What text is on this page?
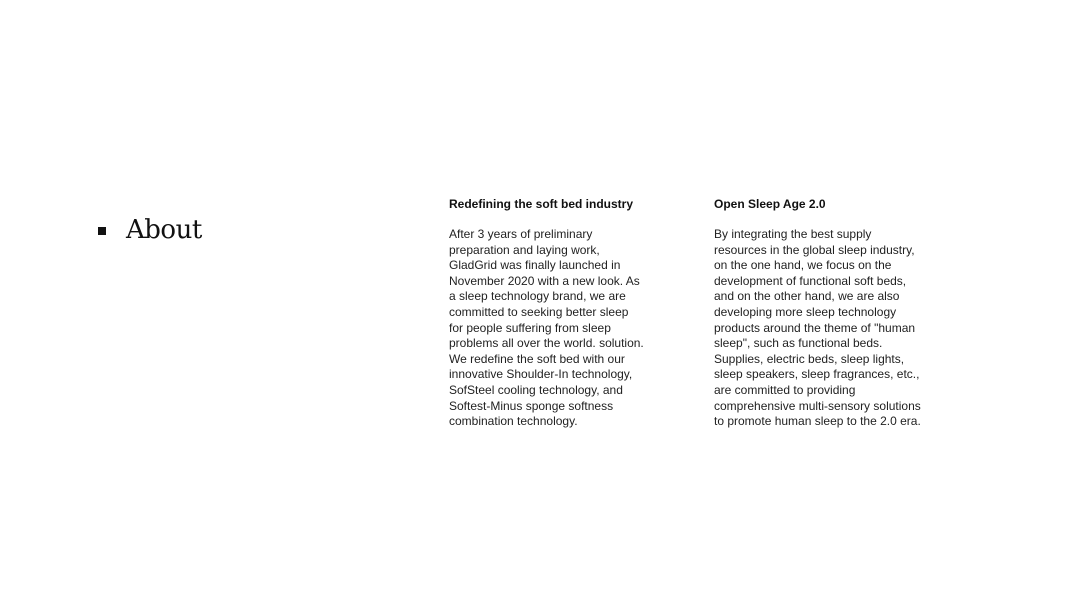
About
Redefining the soft bed industry

After 3 years of preliminary
preparation and laying work,
GladGrid was finally launched in
November 2020 with a new look. As
a sleep technology brand, we are
committed to seeking better sleep
for people suffering from sleep
problems all over the world. solution.
We redefine the soft bed with our
innovative Shoulder-In technology,
SofSteel cooling technology, and
Softest-Minus sponge softness
combination technology.

Open Sleep Age 2.0

By integrating the best supply
resources in the global sleep industry,
on the one hand, we focus on the
development of functional soft beds,
and on the other hand, we are also
developing more sleep technology
products around the theme of "human
sleep", such as functional beds.
Supplies, electric beds, sleep lights,
sleep speakers, sleep fragrances, etc.,
are committed to providing
comprehensive multi-sensory solutions
to promote human sleep to the 2.0 era.
